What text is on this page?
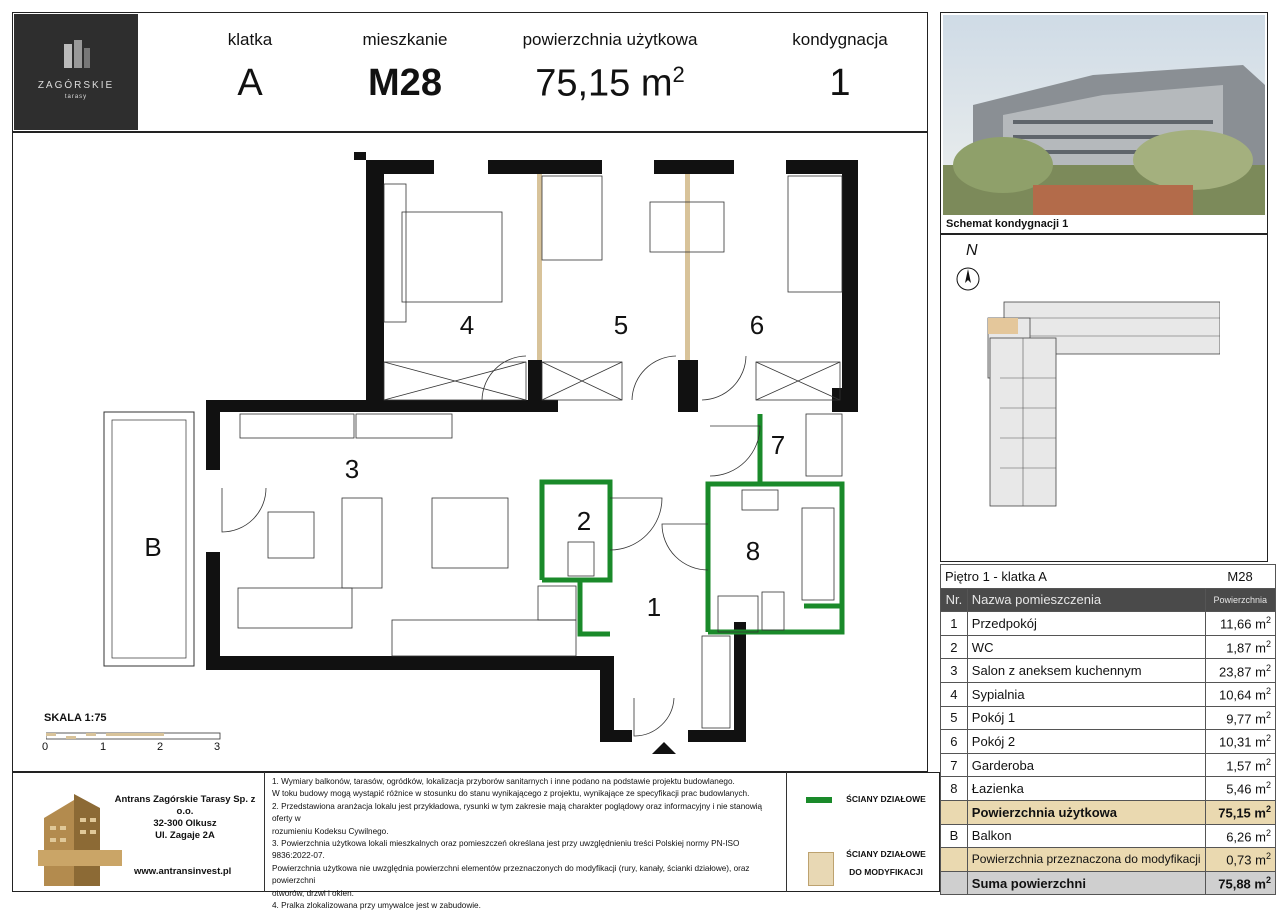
ZAGÓRSKIE
tarasy
klatka
A
mieszkanie
M28
powierzchnia użytkowa
75,15 $m^2$
kondygnacja
1
Schemat kondygnacji 1
N
Piętro 1 - klatka A		M28
Nr.	Nazwa pomieszczenia	Powierzchnia
1	Przedpokój	11,66 $m^2$
2	WC	1,87 $m^2$
3	Salon z aneksem kuchennym	23,87 $m^2$
4	Sypialnia	10,64 $m^2$
5	Pokój 1	9,77 $m^2$
6	Pokój 2	10,31 $m^2$
7	Garderoba	1,57 $m^2$
8	Łazienka	5,46 $m^2$
	Powierzchnia użytkowa	75,15 $m^2$
B	Balkon	6,26 $m^2$
	Powierzchnia przeznaczona do modyfikacji	0,73 $m^2$
	Suma powierzchni	75,88 $m^2$
1
2
3
4	5	6
7
8
B
SKALA 1:75
0	1	2	3
Antrans Zagórskie Tarasy Sp. z o.o.
32-300 Olkusz
Ul. Zagaje 2A
www.antransinvest.pl
1. Wymiary balkonów, tarasów, ogródków, lokalizacja przyborów sanitarnych i inne podano na podstawie projektu budowlanego.
W toku budowy mogą wystąpić różnice w stosunku do stanu wynikającego z projektu, wynikające ze specyfikacji prac budowlanych.
2. Przedstawiona aranżacja lokalu jest przykładowa, rysunki w tym zakresie mają charakter poglądowy oraz informacyjny i nie stanowią oferty w
rozumieniu Kodeksu Cywilnego.
3. Powierzchnia użytkowa lokali mieszkalnych oraz pomieszczeń określana jest przy uwzględnieniu treści Polskiej normy PN-ISO 9836:2022-07.
Powierzchnia użytkowa nie uwzględnia powierzchni elementów przeznaczonych do modyfikacji (rury, kanały, ścianki działowe), oraz powierzchni
otworów, drzwi i okien.
4. Pralka zlokalizowana przy umywalce jest w zabudowie.
ŚCIANY DZIAŁOWE
ŚCIANY DZIAŁOWE DO MODYFIKACJI
